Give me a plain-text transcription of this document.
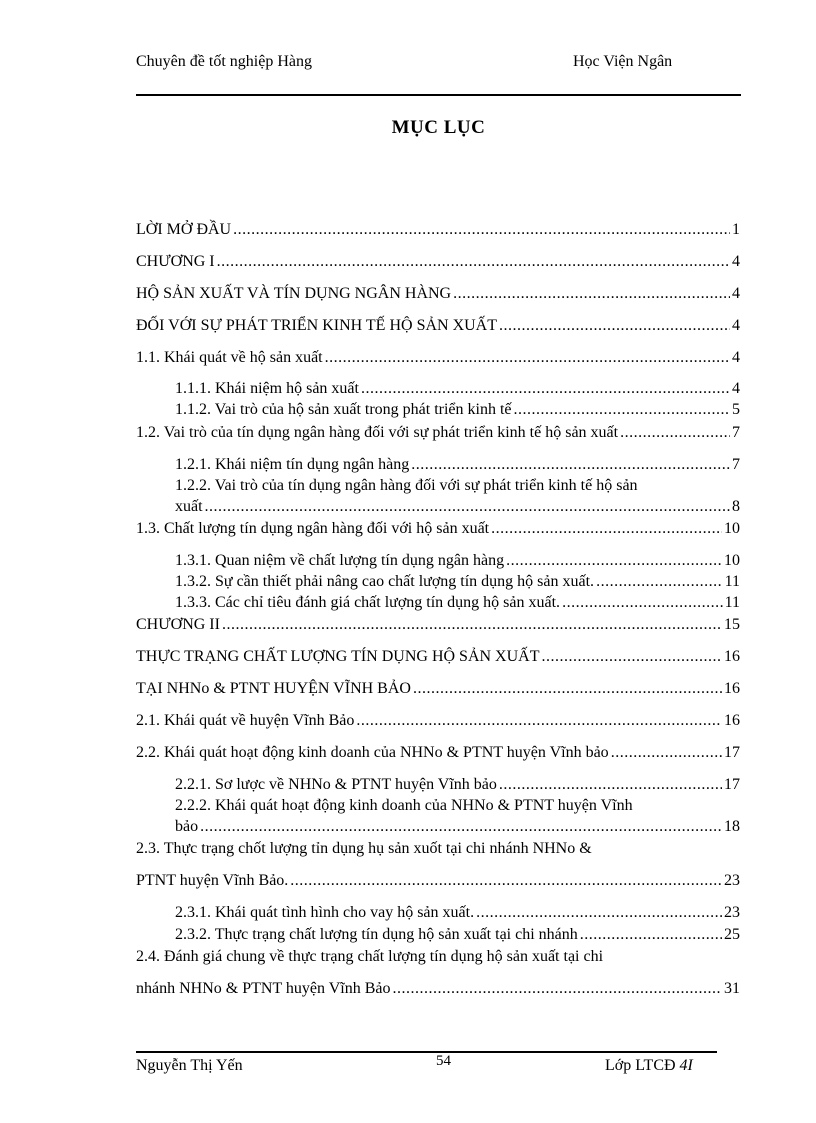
Chuyên đề tốt nghiệp Hàng	Học Viện Ngân
MỤC LỤC
LỜI MỞ ĐẦU .....	1
CHƯƠNG I .....	4
HỘ SẢN XUẤT VÀ TÍN DỤNG NGÂN HÀNG .....	4
ĐỐI VỚI SỰ PHÁT TRIỂN KINH TẾ HỘ SẢN XUẤT .....	4
1.1. Khái quát về hộ sản xuất .....	4
1.1.1. Khái niệm hộ sản xuất .....	4
1.1.2. Vai trò của hộ sản xuất trong phát triển kinh tế .....	5
1.2. Vai trò của tín dụng ngân hàng đối với sự phát triển kinh tế hộ sản xuất .....	7
1.2.1. Khái niệm tín dụng ngân hàng .....	7
1.2.2. Vai trò của tín dụng ngân hàng đối với sự phát triển kinh tế hộ sản
xuất .....	8
1.3. Chất lượng tín dụng ngân hàng đối với hộ sản xuất .....	10
1.3.1. Quan niệm về chất lượng tín dụng ngân hàng .....	10
1.3.2. Sự cần thiết phải nâng cao chất lượng tín dụng hộ sản xuất. .....	11
1.3.3. Các chỉ tiêu đánh giá chất lượng tín dụng hộ sản xuất. .....	11
CHƯƠNG II .....	15
THỰC TRẠNG CHẤT LƯỢNG TÍN DỤNG HỘ SẢN XUẤT .....	16
TẠI NHNo & PTNT HUYỆN VĨNH BẢO .....	16
2.1. Khái quát về huyện Vĩnh Bảo .....	16
2.2. Khái quát hoạt động kinh doanh của NHNo & PTNT huyện Vĩnh bảo .....	17
2.2.1. Sơ lược về NHNo & PTNT huyện Vĩnh bảo .....	17
2.2.2. Khái quát hoạt động kinh doanh của NHNo & PTNT huyện Vĩnh
bảo .....	18
2.3. Thực trạng chốt lượng tỉn dụng hụ sản xuốt tại chi nhánh NHNo &
PTNT huyện Vĩnh Bảo. .....	23
2.3.1. Khái quát tình hình cho vay hộ sản xuất. .....	23
2.3.2. Thực trạng chất lượng tín dụng hộ sản xuất tại chi nhánh .....	25
2.4. Đánh giá chung về thực trạng chất lượng tín dụng hộ sản xuất tại chi
nhánh NHNo & PTNT huyện Vĩnh Bảo .....	31
Nguyễn Thị Yến	54	Lớp LTCĐ 4I
